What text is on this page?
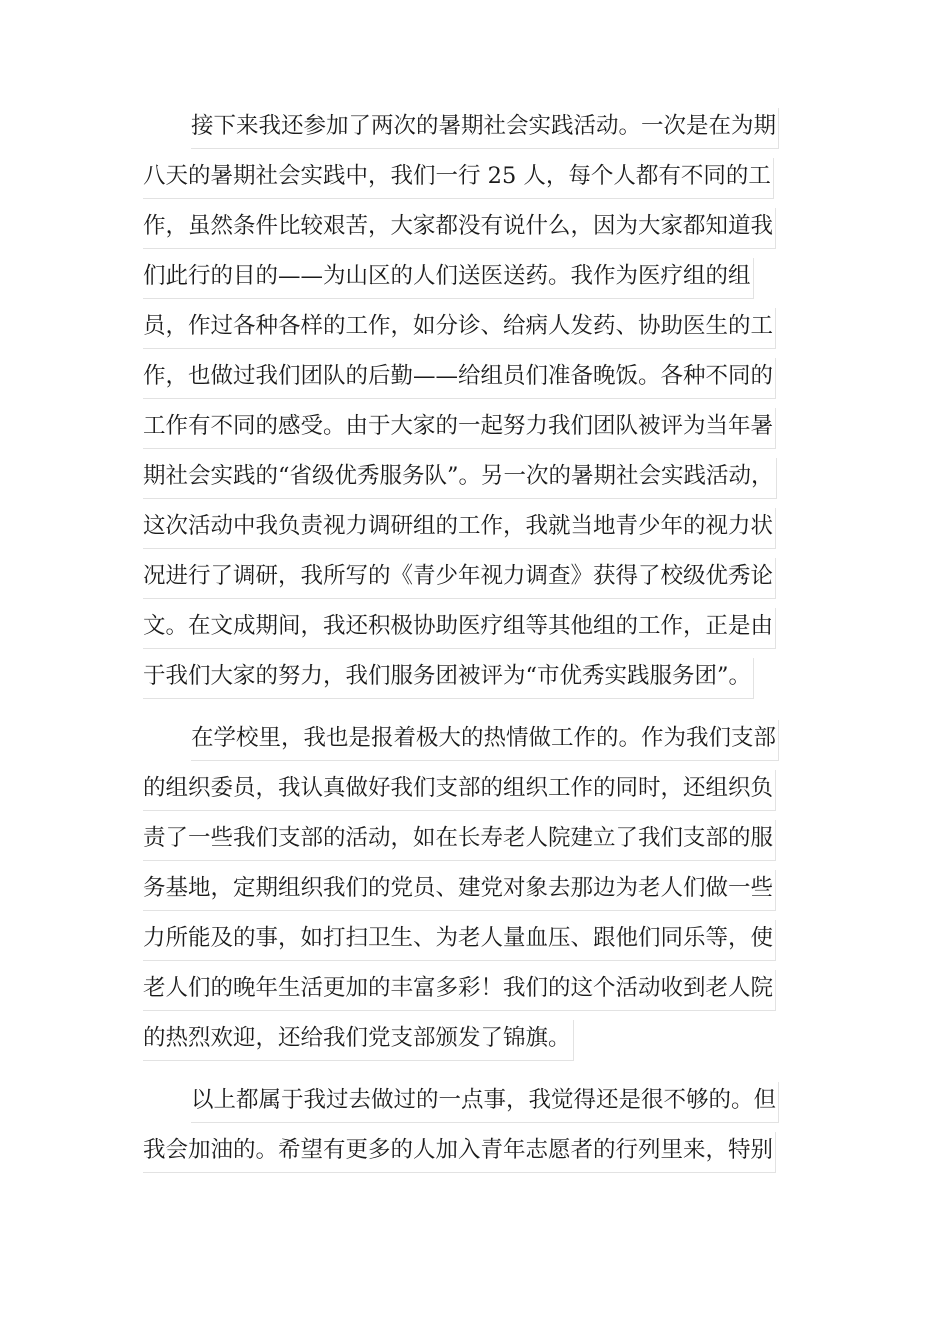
接下来我还参加了两次的暑期社会实践活动。一次是在为期
八天的暑期社会实践中，我们一行 25 人，每个人都有不同的工
作，虽然条件比较艰苦，大家都没有说什么，因为大家都知道我
们此行的目的——为山区的人们送医送药。我作为医疗组的组
员，作过各种各样的工作，如分诊、给病人发药、协助医生的工
作，也做过我们团队的后勤——给组员们准备晚饭。各种不同的
工作有不同的感受。由于大家的一起努力我们团队被评为当年暑
期社会实践的“省级优秀服务队”。另一次的暑期社会实践活动，
这次活动中我负责视力调研组的工作，我就当地青少年的视力状
况进行了调研，我所写的《青少年视力调查》获得了校级优秀论
文。在文成期间，我还积极协助医疗组等其他组的工作，正是由
于我们大家的努力，我们服务团被评为“市优秀实践服务团”。
在学校里，我也是报着极大的热情做工作的。作为我们支部
的组织委员，我认真做好我们支部的组织工作的同时，还组织负
责了一些我们支部的活动，如在长寿老人院建立了我们支部的服
务基地，定期组织我们的党员、建党对象去那边为老人们做一些
力所能及的事，如打扫卫生、为老人量血压、跟他们同乐等，使
老人们的晚年生活更加的丰富多彩！我们的这个活动收到老人院
的热烈欢迎，还给我们党支部颁发了锦旗。
以上都属于我过去做过的一点事，我觉得还是很不够的。但
我会加油的。希望有更多的人加入青年志愿者的行列里来，特别
